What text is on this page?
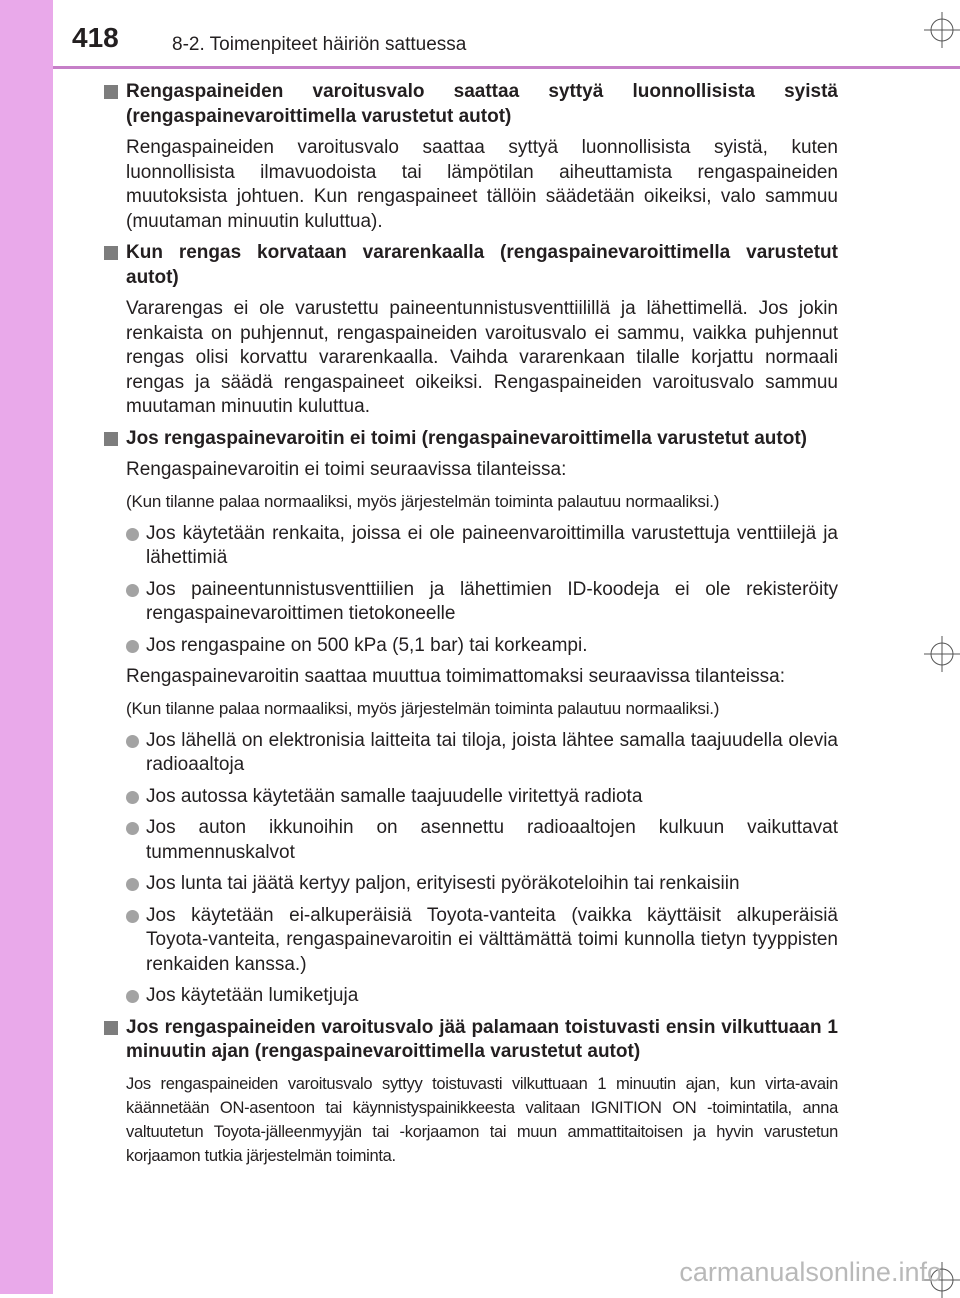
418	8-2. Toimenpiteet häiriön sattuessa
Rengaspaineiden varoitusvalo saattaa syttyä luonnollisista syistä (rengaspainevaroittimella varustetut autot)
Rengaspaineiden varoitusvalo saattaa syttyä luonnollisista syistä, kuten luonnollisista ilmavuodoista tai lämpötilan aiheuttamista rengaspaineiden muutoksista johtuen. Kun rengaspaineet tällöin säädetään oikeiksi, valo sammuu (muutaman minuutin kuluttua).
Kun rengas korvataan vararenkaalla (rengaspainevaroittimella varustetut autot)
Vararengas ei ole varustettu paineentunnistusventtiilillä ja lähettimellä. Jos jokin renkaista on puhjennut, rengaspaineiden varoitusvalo ei sammu, vaikka puhjennut rengas olisi korvattu vararenkaalla. Vaihda vararenkaan tilalle korjattu normaali rengas ja säädä rengaspaineet oikeiksi. Rengaspaineiden varoitusvalo sammuu muutaman minuutin kuluttua.
Jos rengaspainevaroitin ei toimi (rengaspainevaroittimella varustetut autot)
Rengaspainevaroitin ei toimi seuraavissa tilanteissa:
(Kun tilanne palaa normaaliksi, myös järjestelmän toiminta palautuu normaaliksi.)
Jos käytetään renkaita, joissa ei ole paineenvaroittimilla varustettuja venttiilejä ja lähettimiä
Jos paineentunnistusventtiilien ja lähettimien ID-koodeja ei ole rekisteröity rengaspainevaroittimen tietokoneelle
Jos rengaspaine on 500 kPa (5,1 bar) tai korkeampi.
Rengaspainevaroitin saattaa muuttua toimimattomaksi seuraavissa tilanteissa:
(Kun tilanne palaa normaaliksi, myös järjestelmän toiminta palautuu normaaliksi.)
Jos lähellä on elektronisia laitteita tai tiloja, joista lähtee samalla taajuudella olevia radioaaltoja
Jos autossa käytetään samalle taajuudelle viritettyä radiota
Jos auton ikkunoihin on asennettu radioaaltojen kulkuun vaikuttavat tummennuskalvot
Jos lunta tai jäätä kertyy paljon, erityisesti pyöräkoteloihin tai renkaisiin
Jos käytetään ei-alkuperäisiä Toyota-vanteita (vaikka käyttäisit alkuperäisiä Toyota-vanteita, rengaspainevaroitin ei välttämättä toimi kunnolla tietyn tyyppisten renkaiden kanssa.)
Jos käytetään lumiketjuja
Jos rengaspaineiden varoitusvalo jää palamaan toistuvasti ensin vilkuttuaan 1 minuutin ajan (rengaspainevaroittimella varustetut autot)
Jos rengaspaineiden varoitusvalo syttyy toistuvasti vilkuttuaan 1 minuutin ajan, kun virta-avain käännetään ON-asentoon tai käynnistyspainikkeesta valitaan IGNITION ON -toimintatila, anna valtuutetun Toyota-jälleenmyyjän tai -korjaamon tai muun ammattitaitoisen ja hyvin varustetun korjaamon tutkia järjestelmän toiminta.
carmanualsonline.info
